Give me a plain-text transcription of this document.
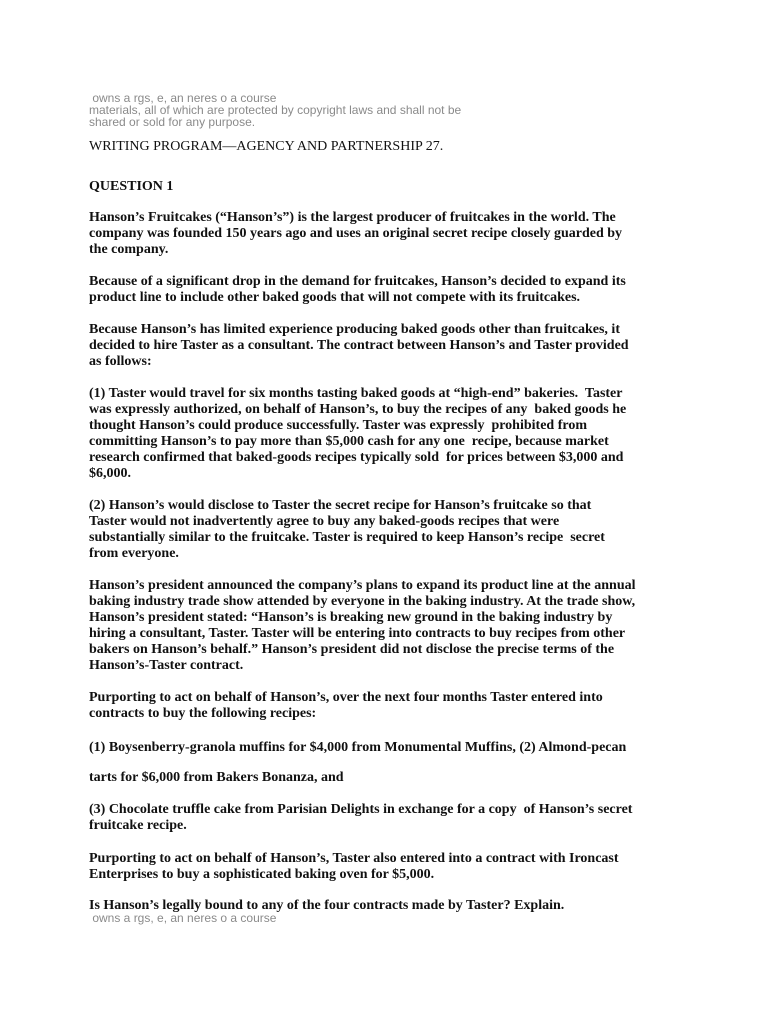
owns a rgs, e, an neres o a course
materials, all of which are protected by copyright laws and shall not be
shared or sold for any purpose.
WRITING PROGRAM—AGENCY AND PARTNERSHIP 27.
QUESTION 1
Hanson’s Fruitcakes (“Hanson’s”) is the largest producer of fruitcakes in the world. The
company was founded 150 years ago and uses an original secret recipe closely guarded by
the company.
Because of a significant drop in the demand for fruitcakes, Hanson’s decided to expand its
product line to include other baked goods that will not compete with its fruitcakes.
Because Hanson’s has limited experience producing baked goods other than fruitcakes, it
decided to hire Taster as a consultant. The contract between Hanson’s and Taster provided
as follows:
(1) Taster would travel for six months tasting baked goods at “high-end” bakeries.  Taster
was expressly authorized, on behalf of Hanson’s, to buy the recipes of any  baked goods he
thought Hanson’s could produce successfully. Taster was expressly  prohibited from
committing Hanson’s to pay more than $5,000 cash for any one  recipe, because market
research confirmed that baked-goods recipes typically sold  for prices between $3,000 and
$6,000.
(2) Hanson’s would disclose to Taster the secret recipe for Hanson’s fruitcake so that
Taster would not inadvertently agree to buy any baked-goods recipes that were
substantially similar to the fruitcake. Taster is required to keep Hanson’s recipe  secret
from everyone.
Hanson’s president announced the company’s plans to expand its product line at the annual
baking industry trade show attended by everyone in the baking industry. At the trade show,
Hanson’s president stated: “Hanson’s is breaking new ground in the baking industry by
hiring a consultant, Taster. Taster will be entering into contracts to buy recipes from other
bakers on Hanson’s behalf.” Hanson’s president did not disclose the precise terms of the
Hanson’s-Taster contract.
Purporting to act on behalf of Hanson’s, over the next four months Taster entered into
contracts to buy the following recipes:
(1) Boysenberry-granola muffins for $4,000 from Monumental Muffins, (2) Almond-pecan
tarts for $6,000 from Bakers Bonanza, and
(3) Chocolate truffle cake from Parisian Delights in exchange for a copy  of Hanson’s secret
fruitcake recipe.
Purporting to act on behalf of Hanson’s, Taster also entered into a contract with Ironcast
Enterprises to buy a sophisticated baking oven for $5,000.
Is Hanson’s legally bound to any of the four contracts made by Taster? Explain.
owns a rgs, e, an neres o a course
